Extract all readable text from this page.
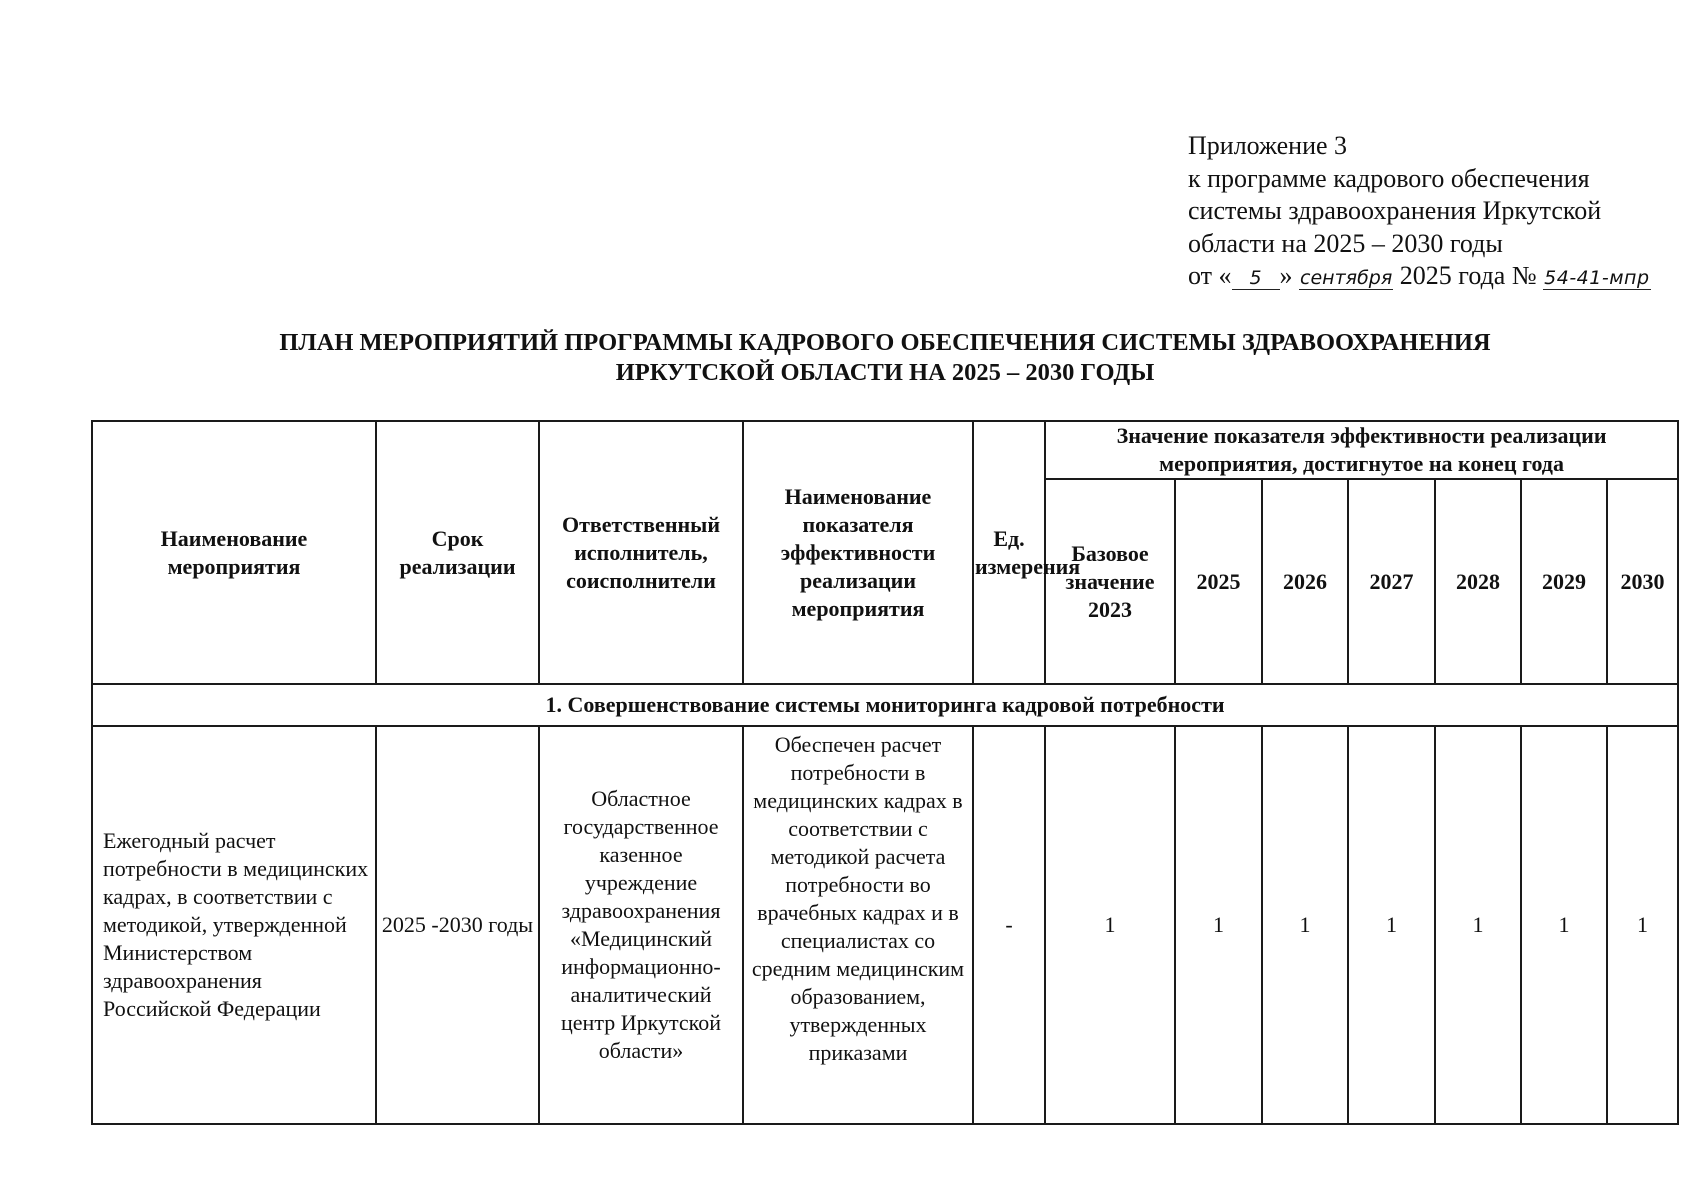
Приложение 3
к программе кадрового обеспечения
системы здравоохранения Иркутской
области на 2025 – 2030 годы
от « 5 » сентября 2025 года № 54-41-мпр
ПЛАН МЕРОПРИЯТИЙ ПРОГРАММЫ КАДРОВОГО ОБЕСПЕЧЕНИЯ СИСТЕМЫ ЗДРАВООХРАНЕНИЯ
ИРКУТСКОЙ ОБЛАСТИ НА 2025 – 2030 ГОДЫ
Наименование мероприятия	Срок реализации	Ответственный исполнитель, соисполнители	Наименование показателя эффективности реализации мероприятия	Ед. измерения	Значение показателя эффективности реализации мероприятия, достигнутое на конец года						
					Базовое значение 2023	2025	2026	2027	2028	2029	2030
1. Совершенствование системы мониторинга кадровой потребности											
Ежегодный расчет потребности в медицинских кадрах, в соответствии с методикой, утвержденной Министерством здравоохранения Российской Федерации	2025 -2030 годы	Областное государственное казенное учреждение здравоохранения «Медицинский информационно-аналитический центр Иркутской области»	Обеспечен расчет потребности в медицинских кадрах в соответствии с методикой расчета потребности во врачебных кадрах и в специалистах со средним медицинским образованием, утвержденных приказами	-	1	1	1	1	1	1	1
